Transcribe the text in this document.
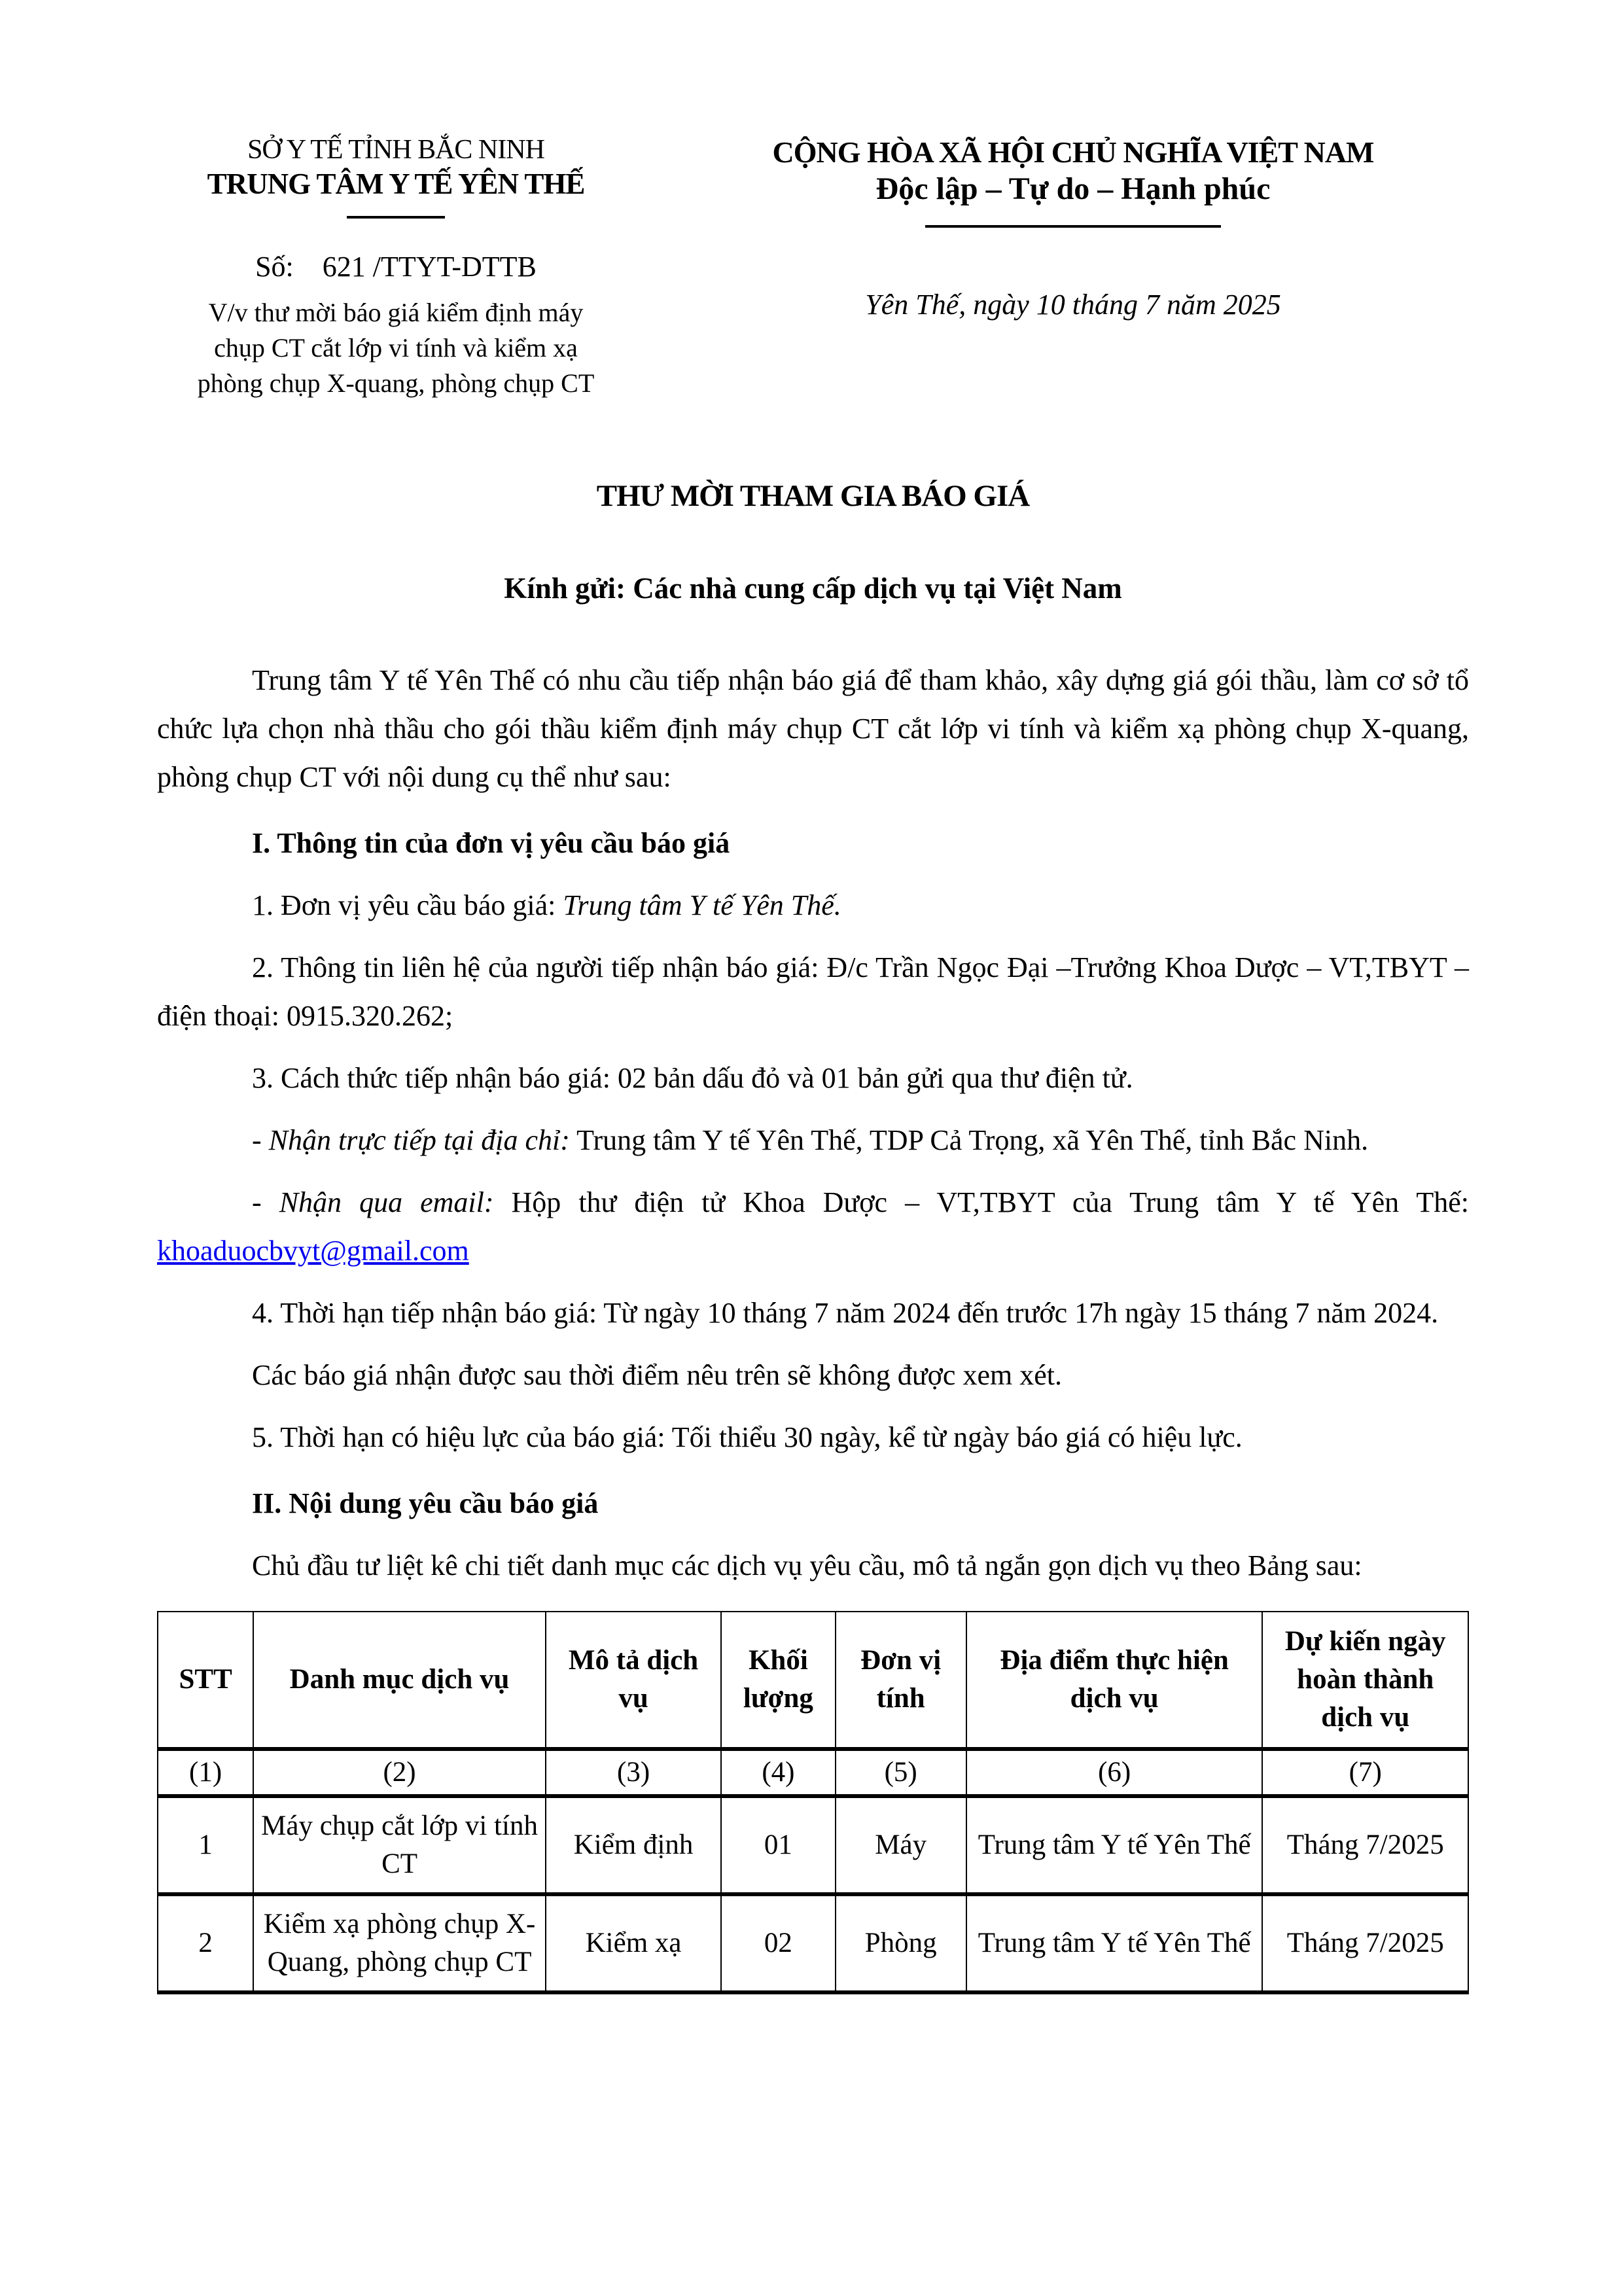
SỞ Y TẾ TỈNH BẮC NINH
TRUNG TÂM Y TẾ YÊN THẾ
Số:    621 /TTYT-DTTB
V/v thư mời báo giá kiểm định máy chụp CT cắt lớp vi tính và kiểm xạ phòng chụp X-quang, phòng chụp CT
CỘNG HÒA XÃ HỘI CHỦ NGHĨA VIỆT NAM
Độc lập – Tự do – Hạnh phúc
Yên Thế, ngày 10 tháng 7 năm 2025
THƯ MỜI THAM GIA BÁO GIÁ
Kính gửi: Các nhà cung cấp dịch vụ tại Việt Nam

Trung tâm Y tế Yên Thế có nhu cầu tiếp nhận báo giá để tham khảo, xây dựng giá gói thầu, làm cơ sở tổ chức lựa chọn nhà thầu cho gói thầu kiểm định máy chụp CT cắt lớp vi tính và kiểm xạ phòng chụp X-quang, phòng chụp CT với nội dung cụ thể như sau:

I. Thông tin của đơn vị yêu cầu báo giá

1. Đơn vị yêu cầu báo giá: Trung tâm Y tế Yên Thế.

2. Thông tin liên hệ của người tiếp nhận báo giá: Đ/c Trần Ngọc Đại –Trưởng Khoa Dược – VT,TBYT – điện thoại: 0915.320.262;

3. Cách thức tiếp nhận báo giá: 02 bản dấu đỏ và 01 bản gửi qua thư điện tử.

- Nhận trực tiếp tại địa chỉ: Trung tâm Y tế Yên Thế, TDP Cả Trọng, xã Yên Thế, tỉnh Bắc Ninh.

- Nhận qua email: Hộp thư điện tử Khoa Dược – VT,TBYT của Trung tâm Y tế Yên Thế: khoaduocbvyt@gmail.com

4. Thời hạn tiếp nhận báo giá: Từ ngày 10 tháng 7 năm 2024 đến trước 17h ngày 15 tháng 7 năm 2024.

Các báo giá nhận được sau thời điểm nêu trên sẽ không được xem xét.

5. Thời hạn có hiệu lực của báo giá: Tối thiểu 30 ngày, kể từ ngày báo giá có hiệu lực.

II. Nội dung yêu cầu báo giá

Chủ đầu tư liệt kê chi tiết danh mục các dịch vụ yêu cầu, mô tả ngắn gọn dịch vụ theo Bảng sau:

STT	Danh mục dịch vụ	Mô tả dịch vụ	Khối lượng	Đơn vị tính	Địa điểm thực hiện dịch vụ	Dự kiến ngày hoàn thành dịch vụ
(1)	(2)	(3)	(4)	(5)	(6)	(7)
1	Máy chụp cắt lớp vi tính CT	Kiểm định	01	Máy	Trung tâm Y tế Yên Thế	Tháng 7/2025
2	Kiểm xạ phòng chụp X-Quang, phòng chụp CT	Kiểm xạ	02	Phòng	Trung tâm Y tế Yên Thế	Tháng 7/2025
